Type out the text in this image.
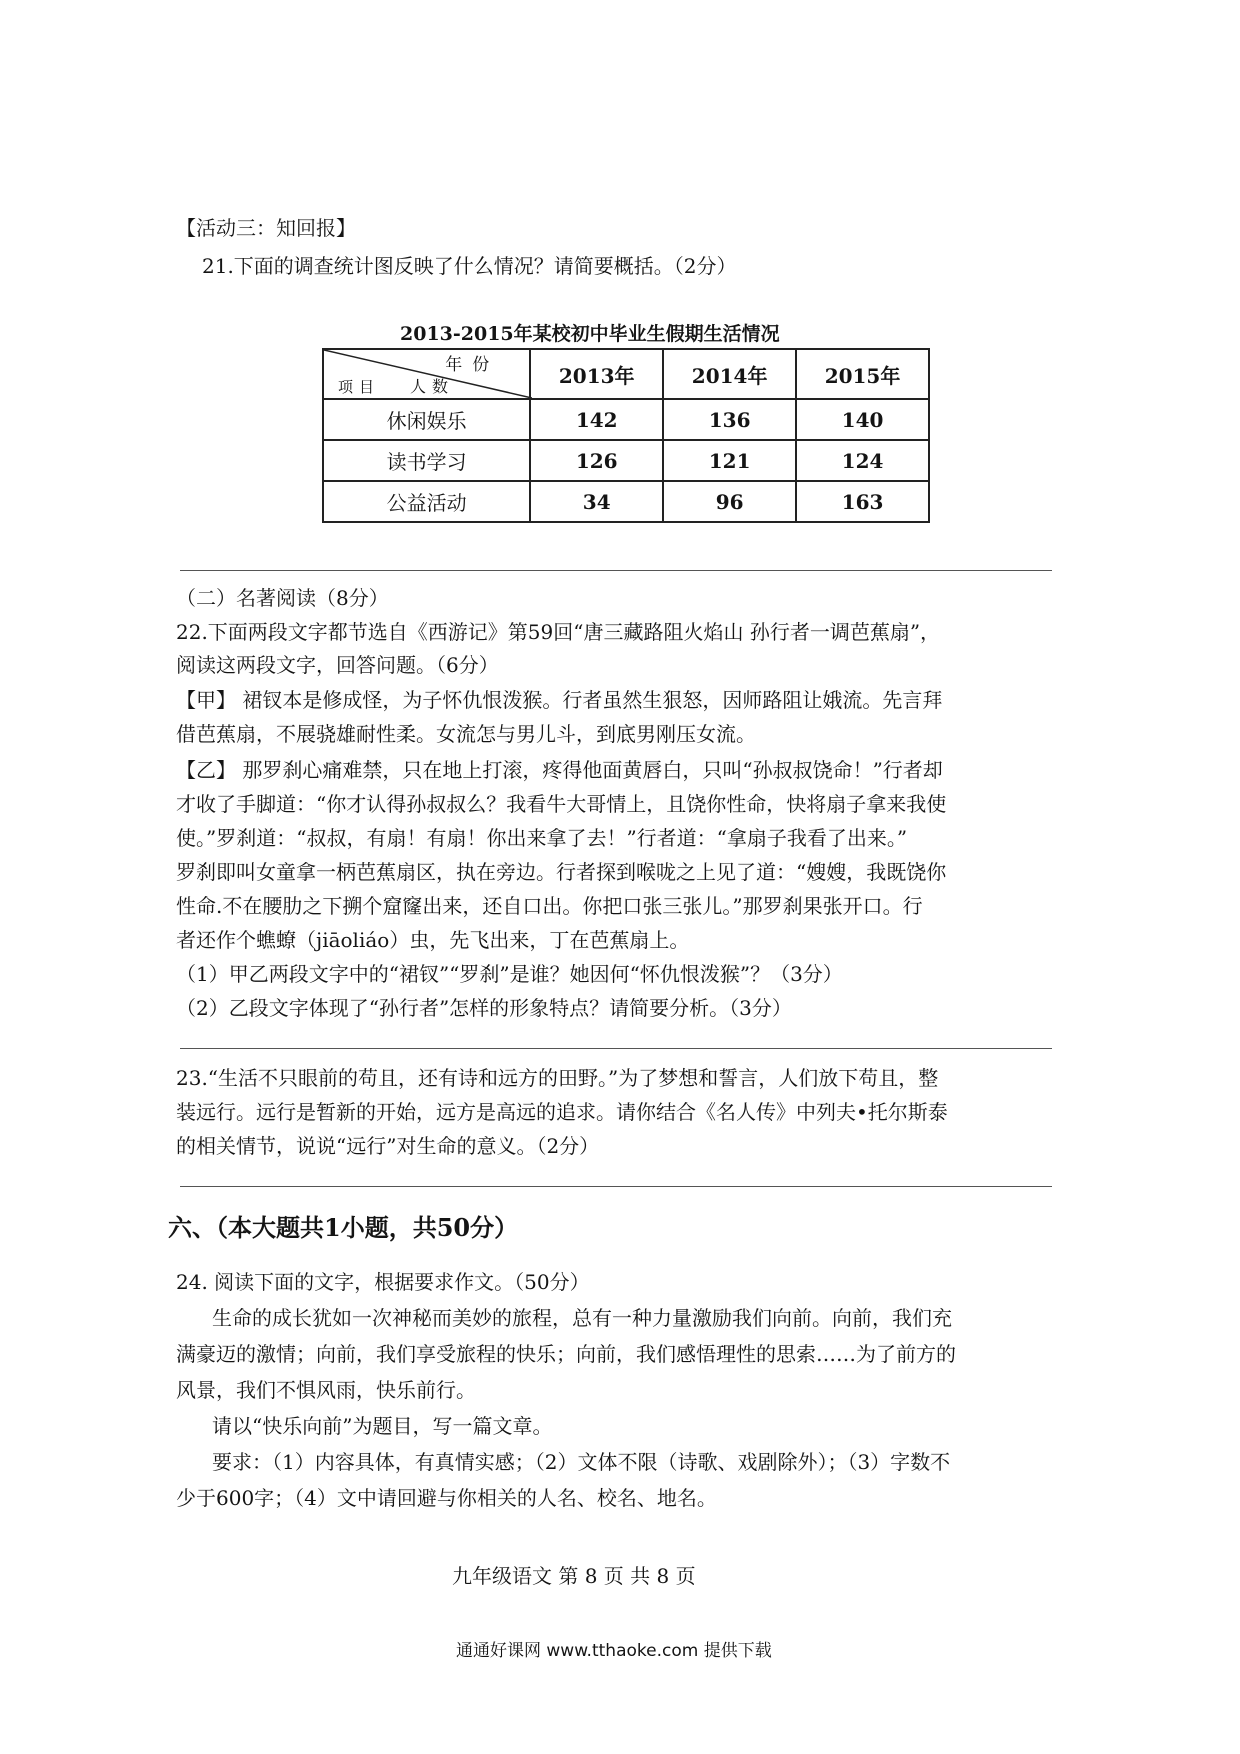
【活动三：知回报】
21.下面的调查统计图反映了什么情况？请简要概括。（2分）
2013-2015年某校初中毕业生假期生活情况
年份
人数
项目	2013年	2014年	2015年
休闲娱乐	142	136	140
读书学习	126	121	124
公益活动	34	96	163
（二）名著阅读（8分）
22.下面两段文字都节选自《西游记》第59回“唐三藏路阻火焰山 孙行者一调芭蕉扇”，
阅读这两段文字，回答问题。（6分）
【甲】 裙钗本是修成怪，为子怀仇恨泼猴。行者虽然生狠怒，因师路阻让娥流。先言拜
借芭蕉扇，不展骁雄耐性柔。女流怎与男儿斗，到底男刚压女流。
【乙】 那罗刹心痛难禁，只在地上打滚，疼得他面黄唇白，只叫“孙叔叔饶命！”行者却
才收了手脚道：“你才认得孙叔叔么？我看牛大哥情上，且饶你性命，快将扇子拿来我使
使。”罗刹道：“叔叔，有扇！有扇！你出来拿了去！”行者道：“拿扇子我看了出来。”
罗刹即叫女童拿一柄芭蕉扇区，执在旁边。行者探到喉咙之上见了道：“嫂嫂，我既饶你
性命.不在腰肋之下搠个窟窿出来，还自口出。你把口张三张儿。”那罗刹果张开口。行
者还作个蟭蟟（jiāoliáo）虫，先飞出来，丁在芭蕉扇上。
（1）甲乙两段文字中的“裙钗”“罗刹”是谁？她因何“怀仇恨泼猴”？（3分）
（2）乙段文字体现了“孙行者”怎样的形象特点？请简要分析。（3分）
23.“生活不只眼前的苟且，还有诗和远方的田野。”为了梦想和誓言，人们放下苟且，整
装远行。远行是暂新的开始，远方是高远的追求。请你结合《名人传》中列夫•托尔斯泰
的相关情节，说说“远行”对生命的意义。（2分）
六、（本大题共1小题，共50分）
24. 阅读下面的文字，根据要求作文。（50分）
生命的成长犹如一次神秘而美妙的旅程，总有一种力量激励我们向前。向前，我们充
满豪迈的激情；向前，我们享受旅程的快乐；向前，我们感悟理性的思索……为了前方的
风景，我们不惧风雨，快乐前行。
请以“快乐向前”为题目，写一篇文章。
要求：（1）内容具体，有真情实感；（2）文体不限（诗歌、戏剧除外）；（3）字数不
少于600字；（4）文中请回避与你相关的人名、校名、地名。
九年级语文 第 8 页 共 8 页
通通好课网 www.tthaoke.com 提供下载
